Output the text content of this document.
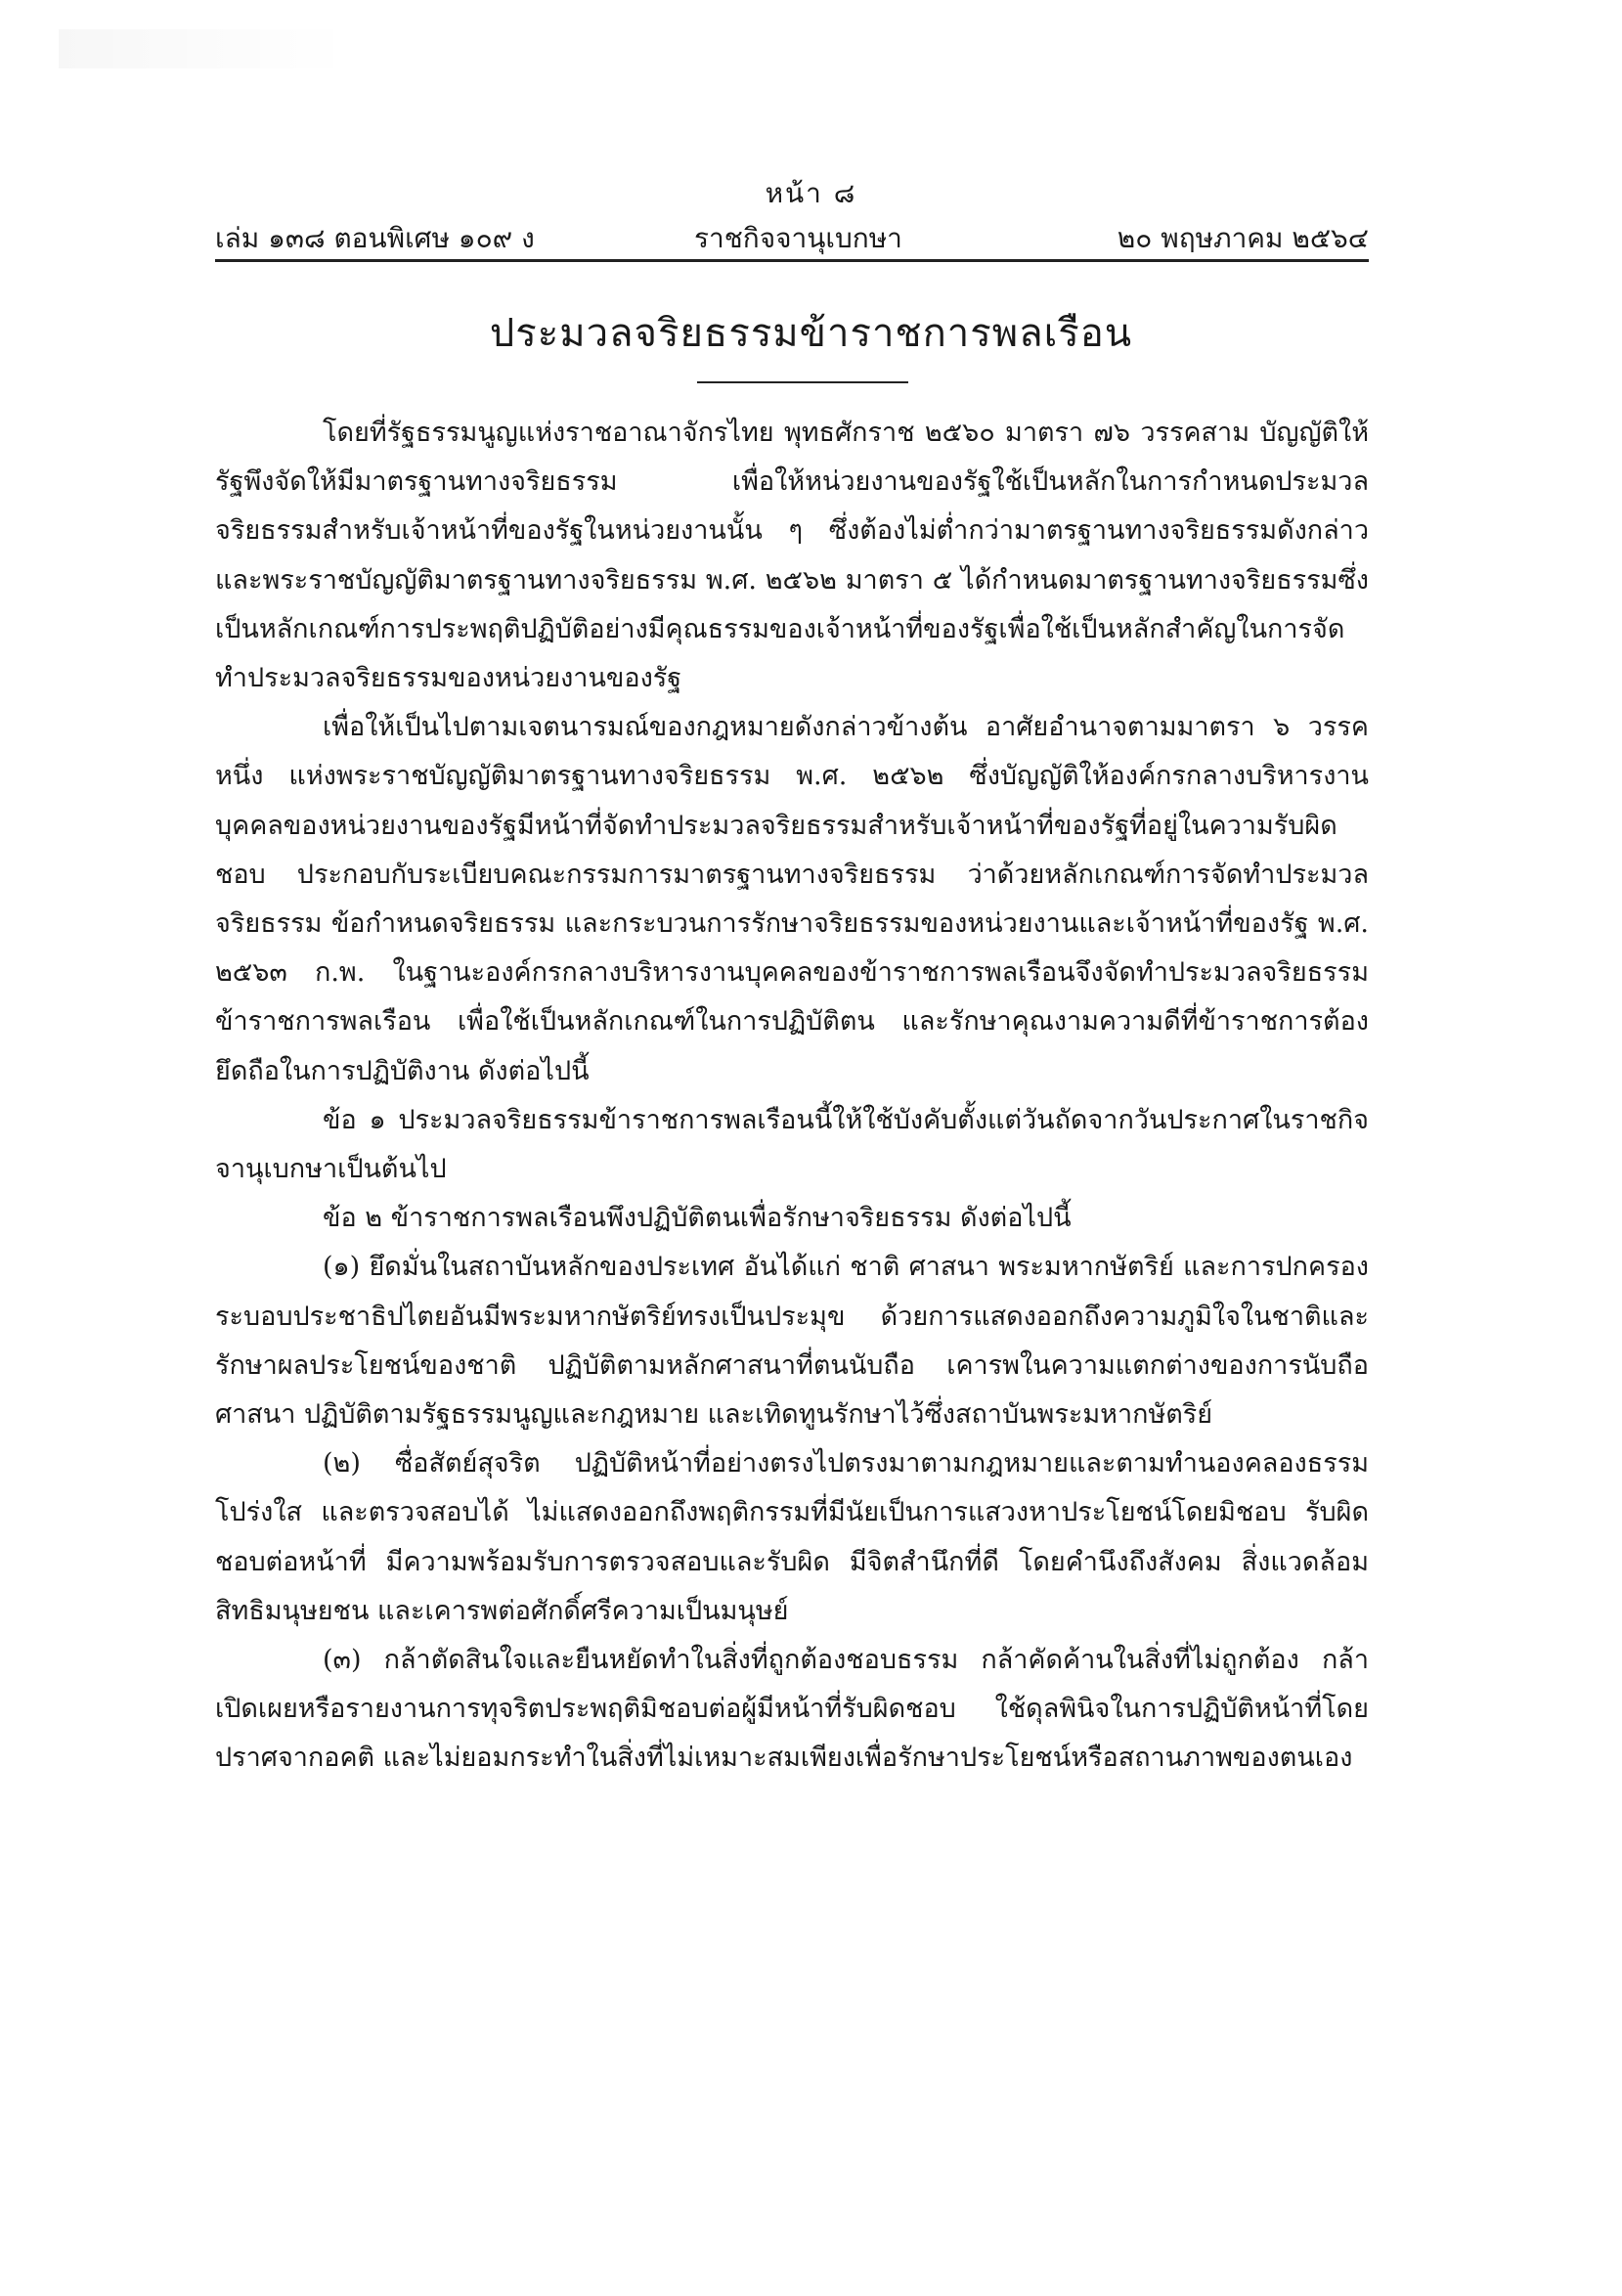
หน้า ๘
เล่ม ๑๓๘ ตอนพิเศษ ๑๐๙ ง	ราชกิจจานุเบกษา	๒๐ พฤษภาคม ๒๕๖๔
ประมวลจริยธรรมข้าราชการพลเรือน

โดยที่รัฐธรรมนูญแห่งราชอาณาจักรไทย พุทธศักราช ๒๕๖๐ มาตรา ๗๖ วรรคสาม บัญญัติให้รัฐพึงจัดให้มีมาตรฐานทางจริยธรรม เพื่อให้หน่วยงานของรัฐใช้เป็นหลักในการกำหนดประมวลจริยธรรมสำหรับเจ้าหน้าที่ของรัฐในหน่วยงานนั้น ๆ ซึ่งต้องไม่ต่ำกว่ามาตรฐานทางจริยธรรมดังกล่าว และพระราชบัญญัติมาตรฐานทางจริยธรรม พ.ศ. ๒๕๖๒ มาตรา ๕ ได้กำหนดมาตรฐานทางจริยธรรมซึ่งเป็นหลักเกณฑ์การประพฤติปฏิบัติอย่างมีคุณธรรมของเจ้าหน้าที่ของรัฐเพื่อใช้เป็นหลักสำคัญในการจัดทำประมวลจริยธรรมของหน่วยงานของรัฐ

เพื่อให้เป็นไปตามเจตนารมณ์ของกฎหมายดังกล่าวข้างต้น อาศัยอำนาจตามมาตรา ๖ วรรคหนึ่ง แห่งพระราชบัญญัติมาตรฐานทางจริยธรรม พ.ศ. ๒๕๖๒ ซึ่งบัญญัติให้องค์กรกลางบริหารงานบุคคลของหน่วยงานของรัฐมีหน้าที่จัดทำประมวลจริยธรรมสำหรับเจ้าหน้าที่ของรัฐที่อยู่ในความรับผิดชอบ ประกอบกับระเบียบคณะกรรมการมาตรฐานทางจริยธรรม ว่าด้วยหลักเกณฑ์การจัดทำประมวลจริยธรรม ข้อกำหนดจริยธรรม และกระบวนการรักษาจริยธรรมของหน่วยงานและเจ้าหน้าที่ของรัฐ พ.ศ. ๒๕๖๓ ก.พ. ในฐานะองค์กรกลางบริหารงานบุคคลของข้าราชการพลเรือนจึงจัดทำประมวลจริยธรรมข้าราชการพลเรือน เพื่อใช้เป็นหลักเกณฑ์ในการปฏิบัติตน และรักษาคุณงามความดีที่ข้าราชการต้องยึดถือในการปฏิบัติงาน ดังต่อไปนี้

ข้อ ๑ ประมวลจริยธรรมข้าราชการพลเรือนนี้ให้ใช้บังคับตั้งแต่วันถัดจากวันประกาศในราชกิจจานุเบกษาเป็นต้นไป

ข้อ ๒ ข้าราชการพลเรือนพึงปฏิบัติตนเพื่อรักษาจริยธรรม ดังต่อไปนี้

(๑) ยึดมั่นในสถาบันหลักของประเทศ อันได้แก่ ชาติ ศาสนา พระมหากษัตริย์ และการปกครองระบอบประชาธิปไตยอันมีพระมหากษัตริย์ทรงเป็นประมุข ด้วยการแสดงออกถึงความภูมิใจในชาติและรักษาผลประโยชน์ของชาติ ปฏิบัติตามหลักศาสนาที่ตนนับถือ เคารพในความแตกต่างของการนับถือศาสนา ปฏิบัติตามรัฐธรรมนูญและกฎหมาย และเทิดทูนรักษาไว้ซึ่งสถาบันพระมหากษัตริย์

(๒) ซื่อสัตย์สุจริต ปฏิบัติหน้าที่อย่างตรงไปตรงมาตามกฎหมายและตามทำนองคลองธรรม โปร่งใส และตรวจสอบได้ ไม่แสดงออกถึงพฤติกรรมที่มีนัยเป็นการแสวงหาประโยชน์โดยมิชอบ รับผิดชอบต่อหน้าที่ มีความพร้อมรับการตรวจสอบและรับผิด มีจิตสำนึกที่ดี โดยคำนึงถึงสังคม สิ่งแวดล้อม สิทธิมนุษยชน และเคารพต่อศักดิ์ศรีความเป็นมนุษย์

(๓) กล้าตัดสินใจและยืนหยัดทำในสิ่งที่ถูกต้องชอบธรรม กล้าคัดค้านในสิ่งที่ไม่ถูกต้อง กล้าเปิดเผยหรือรายงานการทุจริตประพฤติมิชอบต่อผู้มีหน้าที่รับผิดชอบ ใช้ดุลพินิจในการปฏิบัติหน้าที่โดยปราศจากอคติ และไม่ยอมกระทำในสิ่งที่ไม่เหมาะสมเพียงเพื่อรักษาประโยชน์หรือสถานภาพของตนเอง
